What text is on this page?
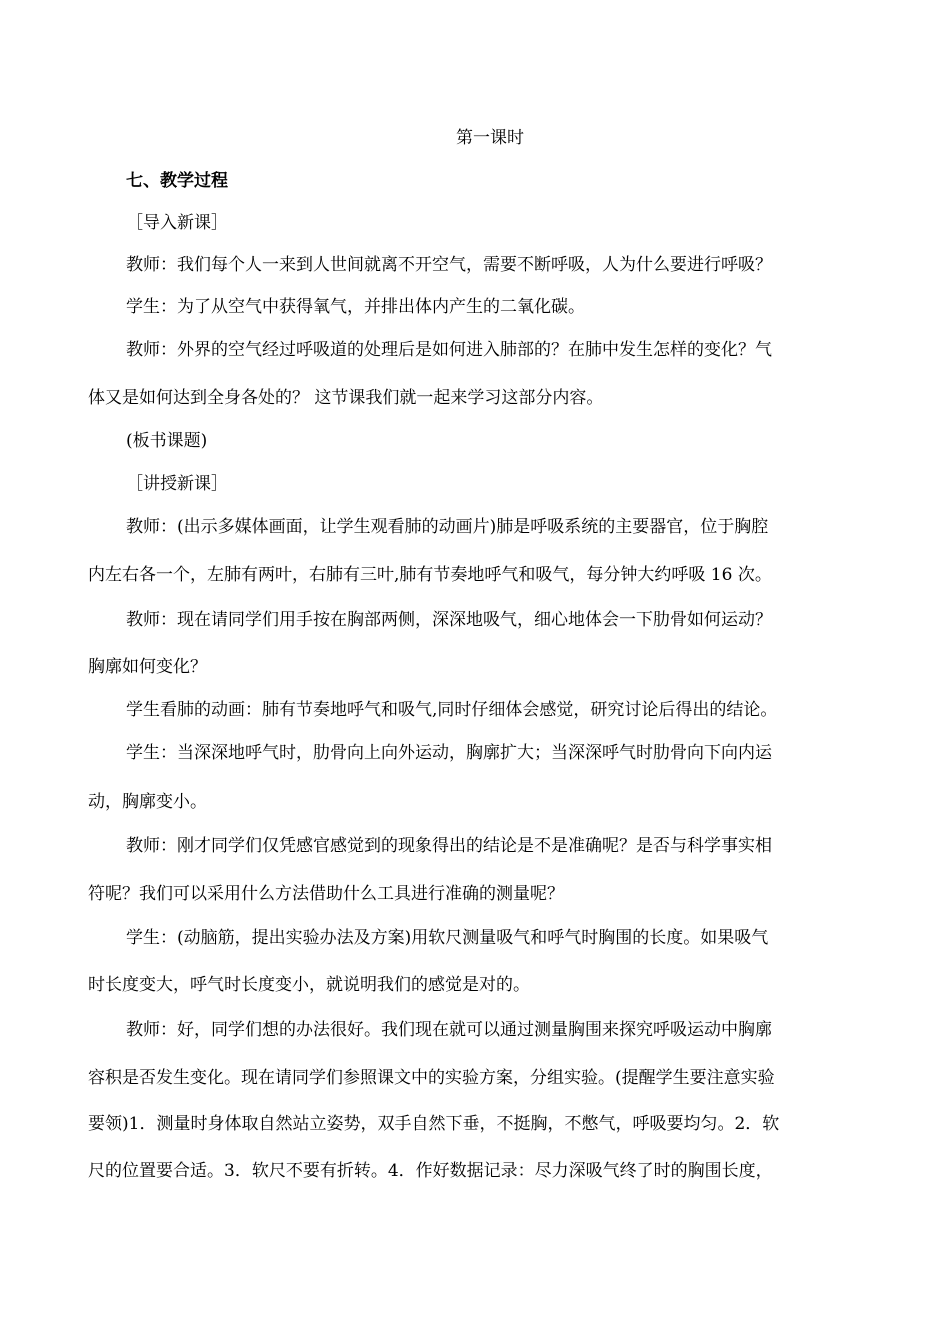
第一课时
七、教学过程
［导入新课］
教师：我们每个人一来到人世间就离不开空气，需要不断呼吸，人为什么要进行呼吸？
学生：为了从空气中获得氧气，并排出体内产生的二氧化碳。
教师：外界的空气经过呼吸道的处理后是如何进入肺部的？在肺中发生怎样的变化？气
体又是如何达到全身各处的？ 这节课我们就一起来学习这部分内容。
(板书课题)
［讲授新课］
教师：(出示多媒体画面，让学生观看肺的动画片)肺是呼吸系统的主要器官，位于胸腔
内左右各一个，左肺有两叶，右肺有三叶,肺有节奏地呼气和吸气，每分钟大约呼吸 16 次。
教师：现在请同学们用手按在胸部两侧，深深地吸气，细心地体会一下肋骨如何运动？
胸廓如何变化？
学生看肺的动画：肺有节奏地呼气和吸气,同时仔细体会感觉，研究讨论后得出的结论。
学生：当深深地呼气时，肋骨向上向外运动，胸廓扩大；当深深呼气时肋骨向下向内运
动，胸廓变小。
教师：刚才同学们仅凭感官感觉到的现象得出的结论是不是准确呢？是否与科学事实相
符呢？我们可以采用什么方法借助什么工具进行准确的测量呢？
学生：(动脑筋，提出实验办法及方案)用软尺测量吸气和呼气时胸围的长度。如果吸气
时长度变大，呼气时长度变小，就说明我们的感觉是对的。
教师：好，同学们想的办法很好。我们现在就可以通过测量胸围来探究呼吸运动中胸廓
容积是否发生变化。现在请同学们参照课文中的实验方案，分组实验。(提醒学生要注意实验
要领)1．测量时身体取自然站立姿势，双手自然下垂，不挺胸，不憋气，呼吸要均匀。2．软
尺的位置要合适。3．软尺不要有折转。4．作好数据记录：尽力深吸气终了时的胸围长度，
